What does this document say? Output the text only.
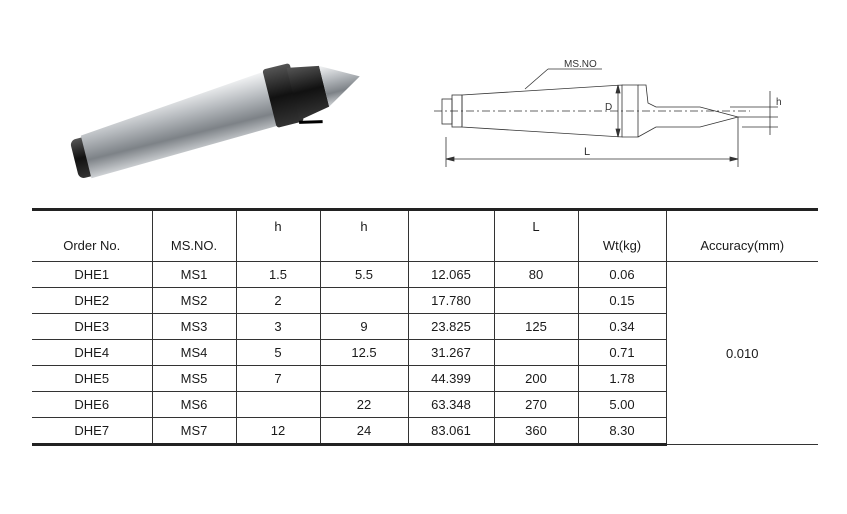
MS.NO
D
L
h
Order No.	MS.NO.	h	h		L	Wt(kg)	Accuracy(mm)

DHE1	MS1	1.5	5.5	12.065	80	0.06	0.010
DHE2	MS2	2		17.780		0.15	
DHE3	MS3	3	9	23.825	125	0.34	
DHE4	MS4	5	12.5	31.267		0.71	
DHE5	MS5	7		44.399	200	1.78	
DHE6	MS6		22	63.348	270	5.00	
DHE7	MS7	12	24	83.061	360	8.30	
